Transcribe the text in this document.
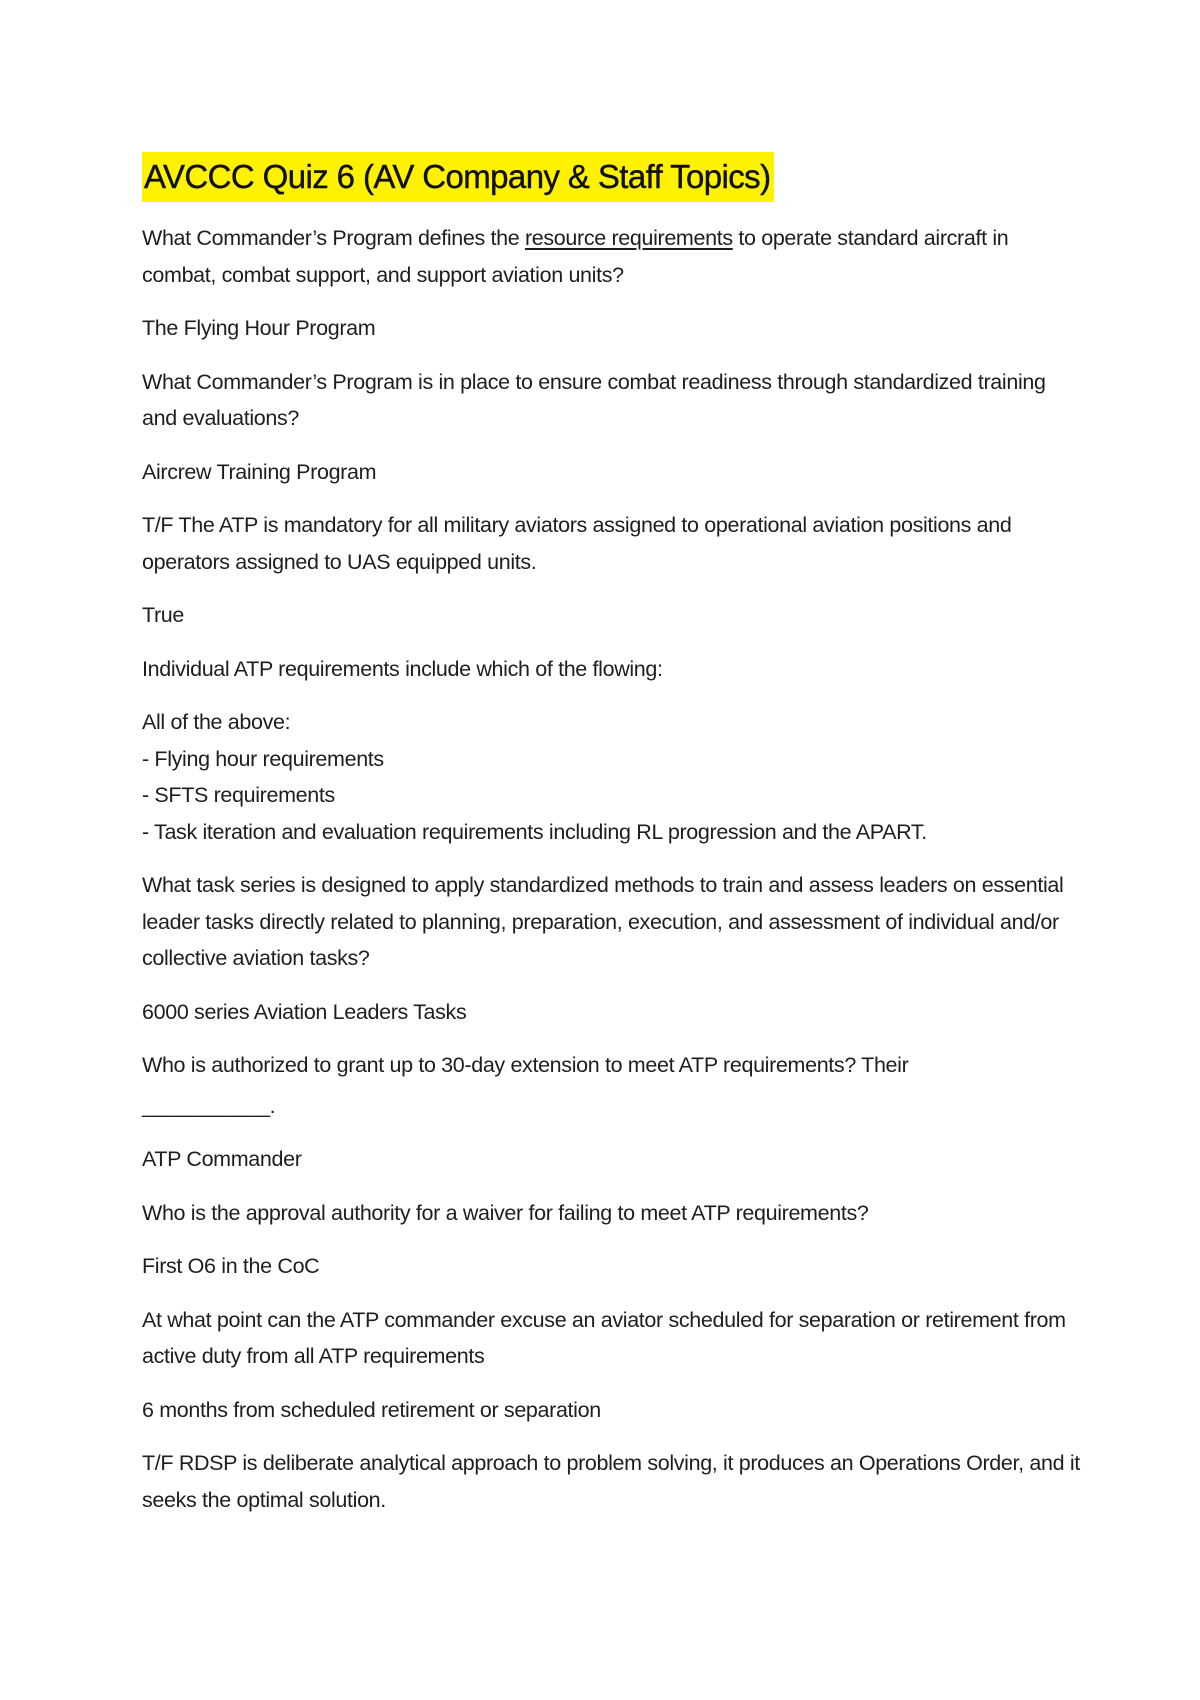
AVCCC Quiz 6 (AV Company & Staff Topics)

What Commander’s Program defines the resource requirements to operate standard aircraft in combat, combat support, and support aviation units?

The Flying Hour Program

What Commander’s Program is in place to ensure combat readiness through standardized training and evaluations?

Aircrew Training Program

T/F The ATP is mandatory for all military aviators assigned to operational aviation positions and operators assigned to UAS equipped units.

True

Individual ATP requirements include which of the flowing:

All of the above:

- Flying hour requirements

- SFTS requirements

- Task iteration and evaluation requirements including RL progression and the APART.

What task series is designed to apply standardized methods to train and assess leaders on essential leader tasks directly related to planning, preparation, execution, and assessment of individual and/or collective aviation tasks?

6000 series Aviation Leaders Tasks

Who is authorized to grant up to 30-day extension to meet ATP requirements? Their

___________.

ATP Commander

Who is the approval authority for a waiver for failing to meet ATP requirements?

First O6 in the CoC

At what point can the ATP commander excuse an aviator scheduled for separation or retirement from active duty from all ATP requirements

6 months from scheduled retirement or separation

T/F RDSP is deliberate analytical approach to problem solving, it produces an Operations Order, and it seeks the optimal solution.
